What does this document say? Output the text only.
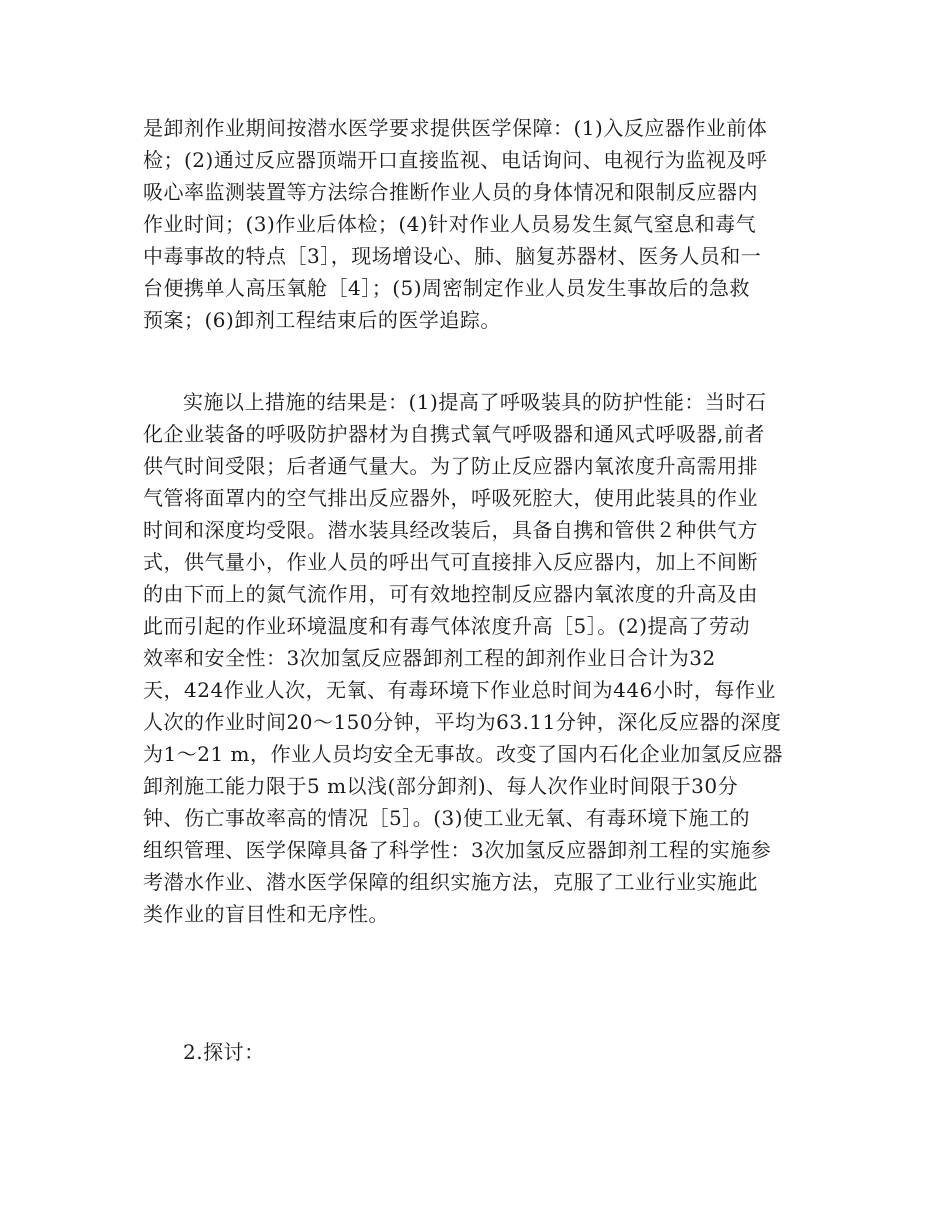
是卸剂作业期间按潜水医学要求提供医学保障：(1)入反应器作业前体
检；(2)通过反应器顶端开口直接监视、电话询问、电视行为监视及呼
吸心率监测装置等方法综合推断作业人员的身体情况和限制反应器内
作业时间；(3)作业后体检；(4)针对作业人员易发生氮气窒息和毒气
中毒事故的特点［3］，现场增设心、肺、脑复苏器材、医务人员和一
台便携单人高压氧舱［4］；(5)周密制定作业人员发生事故后的急救
预案；(6)卸剂工程结束后的医学追踪。
实施以上措施的结果是：(1)提高了呼吸装具的防护性能：当时石
化企业装备的呼吸防护器材为自携式氧气呼吸器和通风式呼吸器,前者
供气时间受限；后者通气量大。为了防止反应器内氧浓度升高需用排
气管将面罩内的空气排出反应器外，呼吸死腔大，使用此装具的作业
时间和深度均受限。潜水装具经改装后，具备自携和管供２种供气方
式，供气量小，作业人员的呼出气可直接排入反应器内，加上不间断
的由下而上的氮气流作用，可有效地控制反应器内氧浓度的升高及由
此而引起的作业环境温度和有毒气体浓度升高［5］。(2)提高了劳动
效率和安全性：3次加氢反应器卸剂工程的卸剂作业日合计为32
天，424作业人次，无氧、有毒环境下作业总时间为446小时，每作业
人次的作业时间20～150分钟，平均为63.11分钟，深化反应器的深度
为1～21 m，作业人员均安全无事故。改变了国内石化企业加氢反应器
卸剂施工能力限于5 m以浅(部分卸剂)、每人次作业时间限于30分
钟、伤亡事故率高的情况［5］。(3)使工业无氧、有毒环境下施工的
组织管理、医学保障具备了科学性：3次加氢反应器卸剂工程的实施参
考潜水作业、潜水医学保障的组织实施方法，克服了工业行业实施此
类作业的盲目性和无序性。
2.探讨：
